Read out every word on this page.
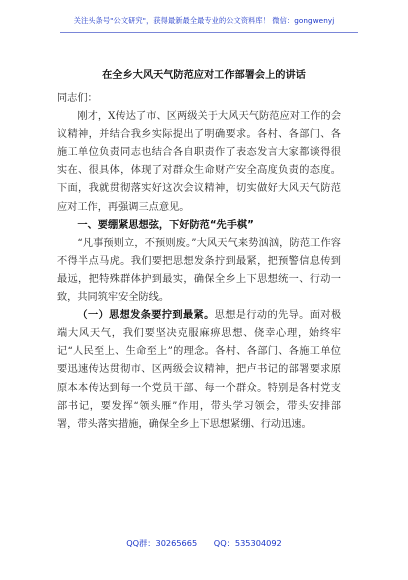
关注头条号"公文研究"，获得最新最全最专业的公文资料库！ 微信：gongwenyj
在全乡大风天气防范应对工作部署会上的讲话

同志们：

刚才，X传达了市、区两级关于大风天气防范应对工作的会议精神，并结合我乡实际提出了明确要求。各村、各部门、各施工单位负责同志也结合各自职责作了表态发言大家都谈得很实在、很具体，体现了对群众生命财产安全高度负责的态度。下面，我就贯彻落实好这次会议精神，切实做好大风天气防范应对工作，再强调三点意见。

一、要绷紧思想弦，下好防范“先手棋”

“凡事预则立，不预则废。”大风天气来势汹汹，防范工作容不得半点马虎。我们要把思想发条拧到最紧，把预警信息传到最远，把特殊群体护到最实，确保全乡上下思想统一、行动一致，共同筑牢安全防线。

（一）思想发条要拧到最紧。思想是行动的先导。面对极端大风天气，我们要坚决克服麻痹思想、侥幸心理，始终牢记“人民至上、生命至上”的理念。各村、各部门、各施工单位要迅速传达贯彻市、区两级会议精神，把卢书记的部署要求原原本本传达到每一个党员干部、每一个群众。特别是各村党支部书记，要发挥“领头雁”作用，带头学习领会，带头安排部署，带头落实措施，确保全乡上下思想紧绷、行动迅速。

QQ群：30265665 QQ：535304092
